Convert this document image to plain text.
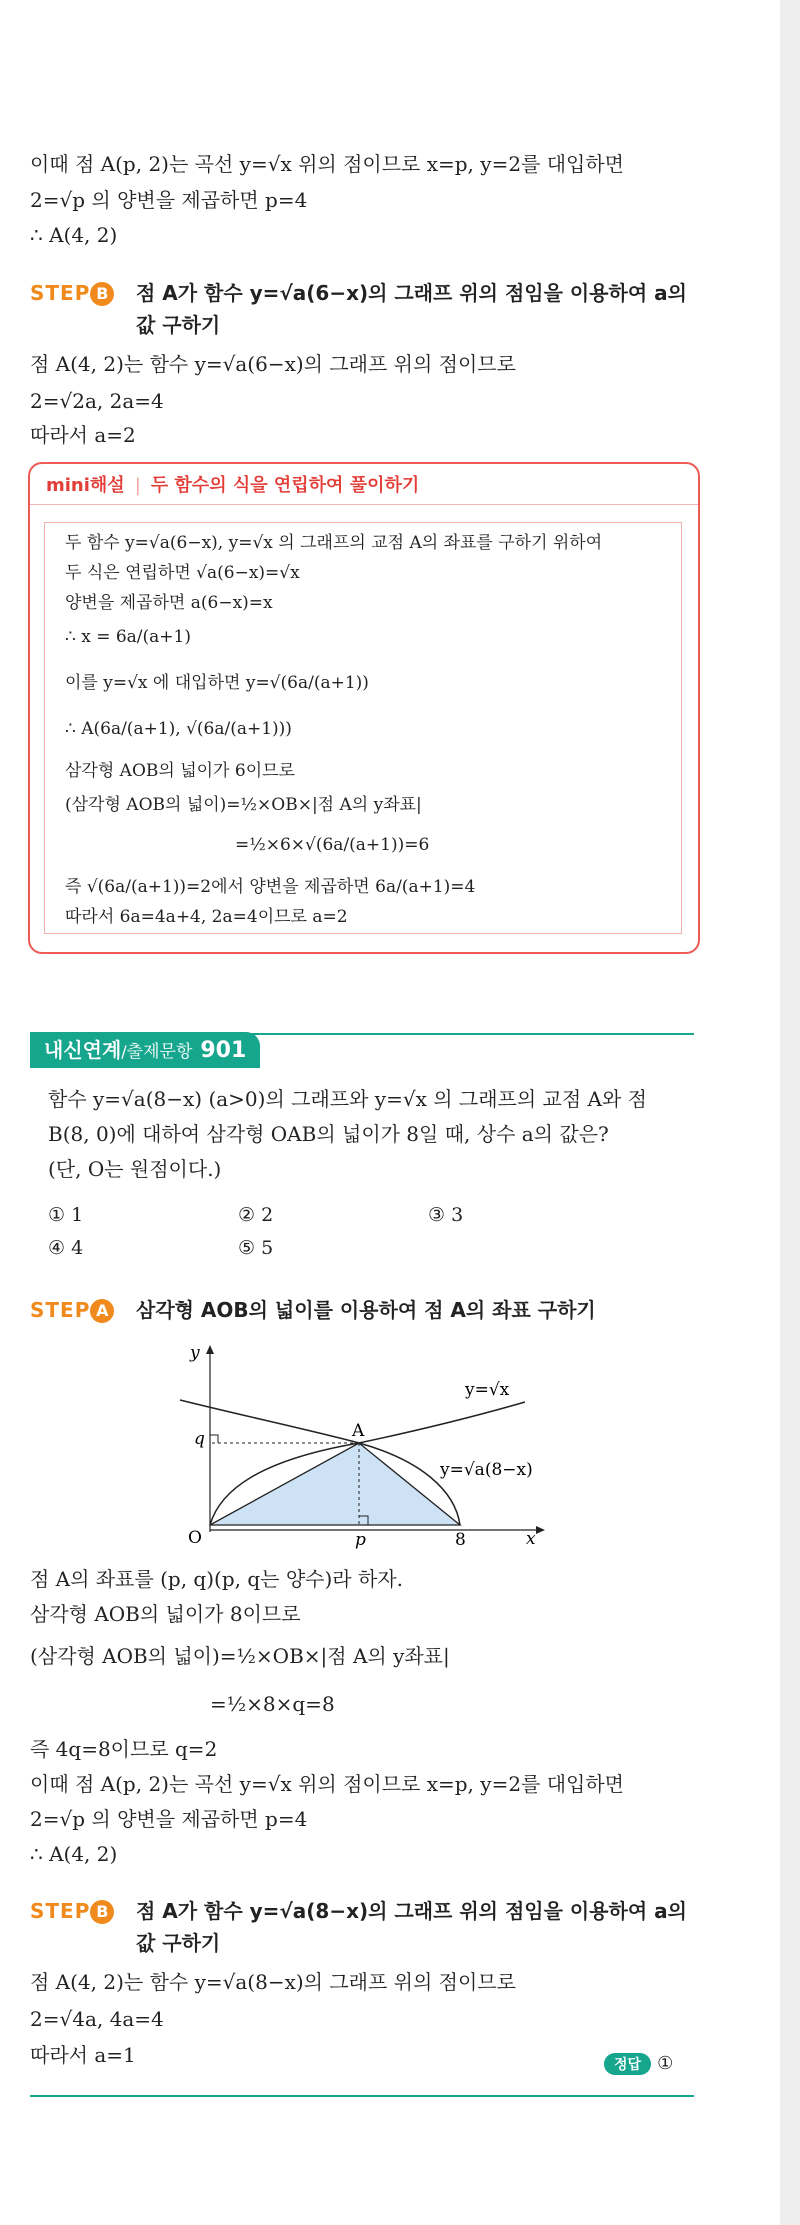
이때 점 A(p, 2)는 곡선 y=√x 위의 점이므로 x=p, y=2를 대입하면
2=√p 의 양변을 제곱하면 p=4
∴ A(4, 2)
STEP B	점 A가 함수 y=√a(6−x)의 그래프 위의 점임을 이용하여 a의
값 구하기
점 A(4, 2)는 함수 y=√a(6−x)의 그래프 위의 점이므로
2=√2a, 2a=4
따라서 a=2
mini해설 | 두 함수의 식을 연립하여 풀이하기
두 함수 y=√a(6−x), y=√x 의 그래프의 교점 A의 좌표를 구하기 위하여
두 식은 연립하면 √a(6−x)=√x
양변을 제곱하면 a(6−x)=x
∴ x = 6a/(a+1)
이를 y=√x 에 대입하면 y=√(6a/(a+1))
∴ A(6a/(a+1), √(6a/(a+1)))
삼각형 AOB의 넓이가 6이므로
(삼각형 AOB의 넓이)=½×OB×|점 A의 y좌표|
=½×6×√(6a/(a+1))=6
즉 √(6a/(a+1))=2에서 양변을 제곱하면 6a/(a+1)=4
따라서 6a=4a+4, 2a=4이므로 a=2
내신연계/출제문항 901
함수 y=√a(8−x) (a>0)의 그래프와 y=√x 의 그래프의 교점 A와 점
B(8, 0)에 대하여 삼각형 OAB의 넓이가 8일 때, 상수 a의 값은?
(단, O는 원점이다.)
① 1	② 2	③ 3
④ 4	⑤ 5
STEP A	삼각형 AOB의 넓이를 이용하여 점 A의 좌표 구하기
y
x
O
A
q
p	8
y=√x
y=√a(8−x)
점 A의 좌표를 (p, q)(p, q는 양수)라 하자.
삼각형 AOB의 넓이가 8이므로
(삼각형 AOB의 넓이)=½×OB×|점 A의 y좌표|
=½×8×q=8
즉 4q=8이므로 q=2
이때 점 A(p, 2)는 곡선 y=√x 위의 점이므로 x=p, y=2를 대입하면
2=√p 의 양변을 제곱하면 p=4
∴ A(4, 2)
STEP B	점 A가 함수 y=√a(8−x)의 그래프 위의 점임을 이용하여 a의
값 구하기
점 A(4, 2)는 함수 y=√a(8−x)의 그래프 위의 점이므로
2=√4a, 4a=4
따라서 a=1	정답 ①
